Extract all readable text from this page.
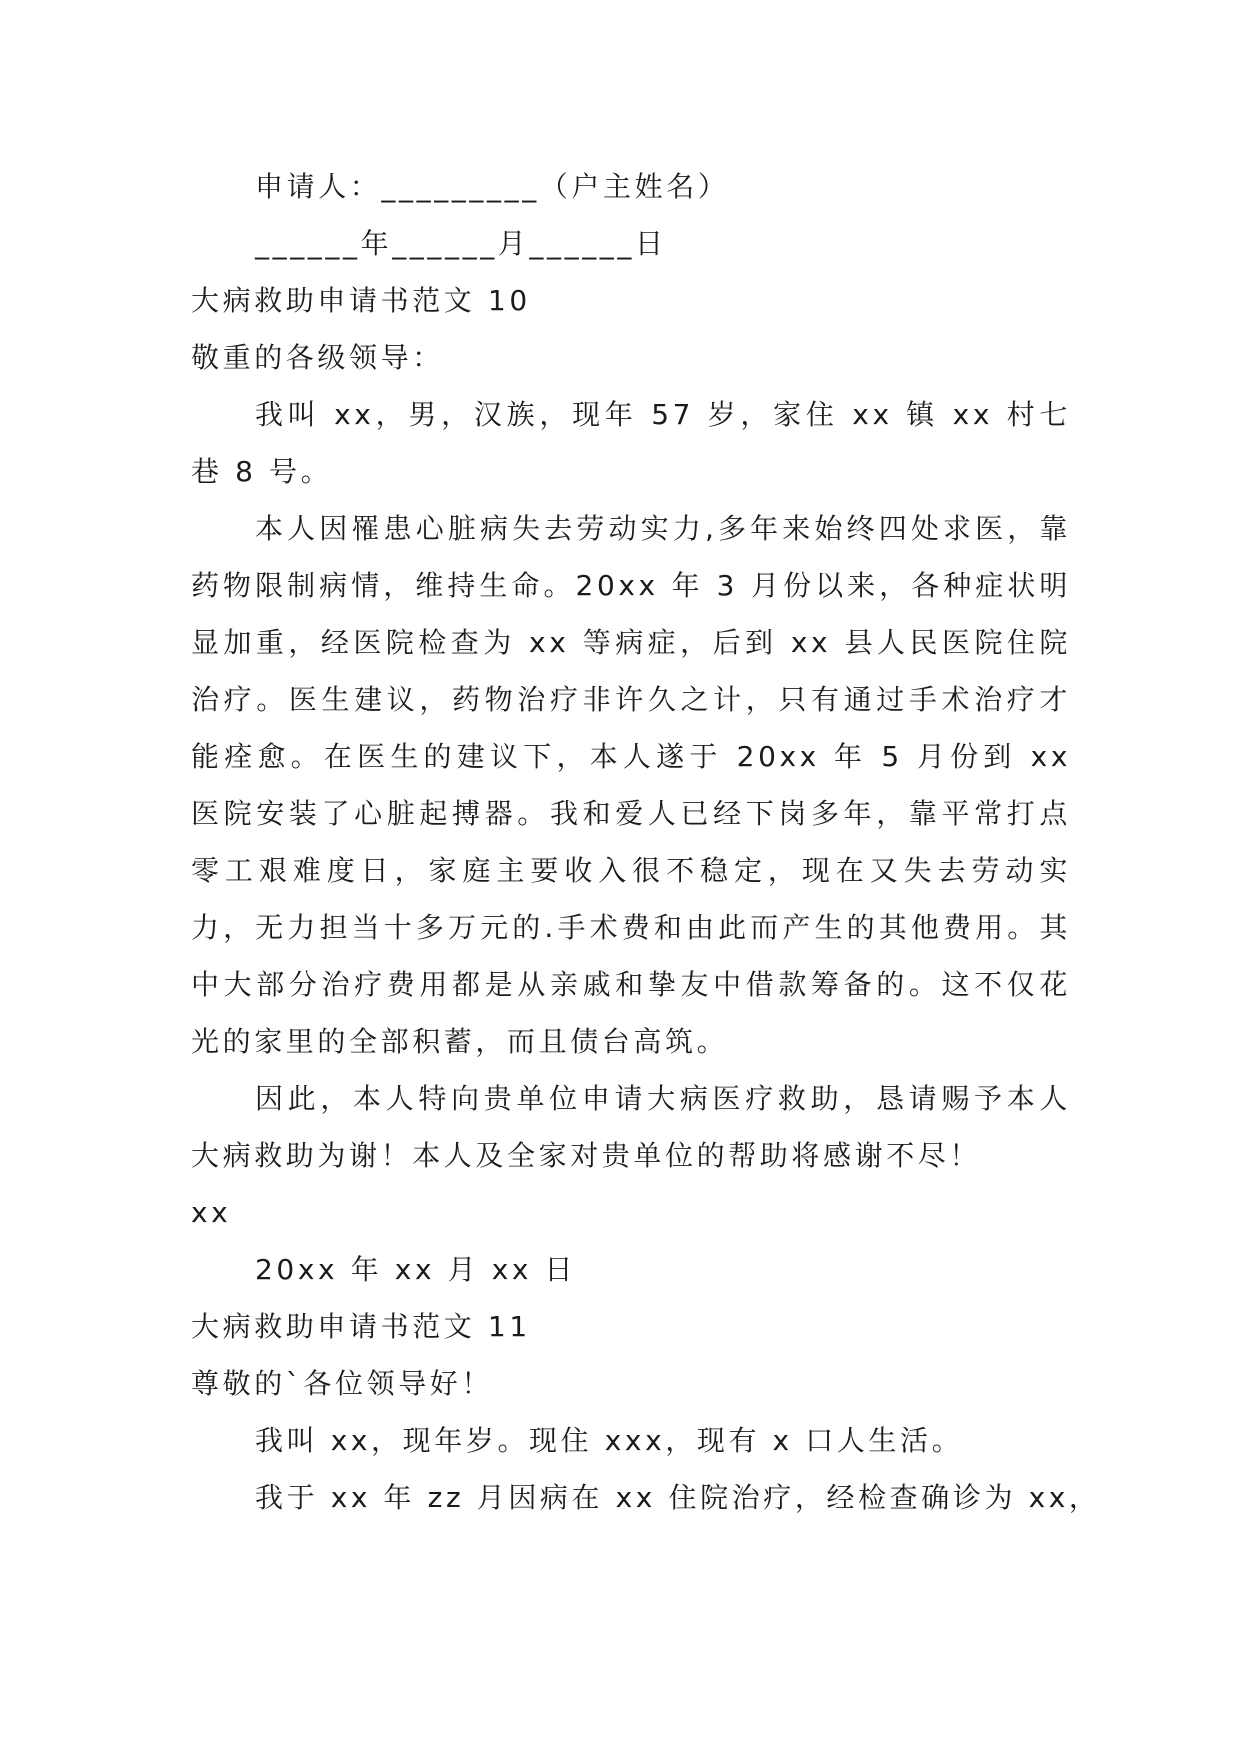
申请人：_________（户主姓名）
______年______月______日
大病救助申请书范文 10
敬重的各级领导：

我叫 xx，男，汉族，现年 57 岁，家住 xx 镇 xx 村七巷 8 号。

本人因罹患心脏病失去劳动实力,多年来始终四处求医，靠药物限制病情，维持生命。20xx 年 3 月份以来，各种症状明显加重，经医院检查为 xx 等病症，后到 xx 县人民医院住院治疗。医生建议，药物治疗非许久之计，只有通过手术治疗才能痊愈。在医生的建议下，本人遂于 20xx 年 5 月份到 xx 医院安装了心脏起搏器。我和爱人已经下岗多年，靠平常打点零工艰难度日，家庭主要收入很不稳定，现在又失去劳动实力，无力担当十多万元的.手术费和由此而产生的其他费用。其中大部分治疗费用都是从亲戚和挚友中借款筹备的。这不仅花光的家里的全部积蓄，而且债台高筑。

因此，本人特向贵单位申请大病医疗救助，恳请赐予本人大病救助为谢！本人及全家对贵单位的帮助将感谢不尽！

xx
20xx 年 xx 月 xx 日
大病救助申请书范文 11
尊敬的`各位领导好！
我叫 xx，现年岁。现住 xxx，现有 x 口人生活。
我于 xx 年 zz 月因病在 xx 住院治疗，经检查确诊为 xx，
